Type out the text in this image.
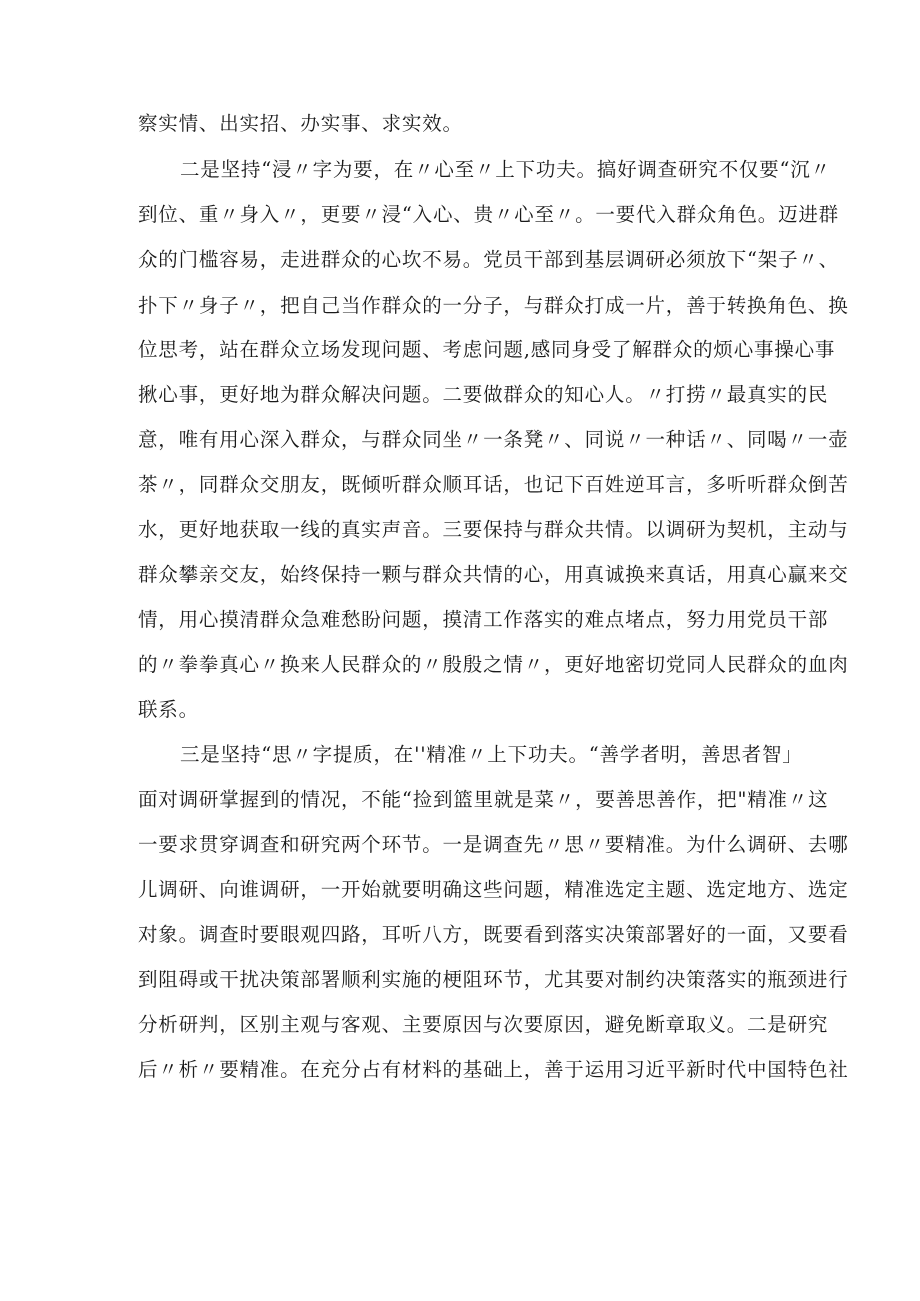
察实情、出实招、办实事、求实效。
二是坚持“浸〃字为要，在〃心至〃上下功夫。搞好调查研究不仅要“沉〃
到位、重〃身入〃，更要〃浸“入心、贵〃心至〃。一要代入群众角色。迈进群
众的门槛容易，走进群众的心坎不易。党员干部到基层调研必须放下“架子〃、
扑下〃身子〃，把自己当作群众的一分子，与群众打成一片，善于转换角色、换
位思考，站在群众立场发现问题、考虑问题,感同身受了解群众的烦心事操心事
揪心事，更好地为群众解决问题。二要做群众的知心人。〃打捞〃最真实的民
意，唯有用心深入群众，与群众同坐〃一条凳〃、同说〃一种话〃、同喝〃一壶
茶〃，同群众交朋友，既倾听群众顺耳话，也记下百姓逆耳言，多听听群众倒苦
水，更好地获取一线的真实声音。三要保持与群众共情。以调研为契机，主动与
群众攀亲交友，始终保持一颗与群众共情的心，用真诚换来真话，用真心赢来交
情，用心摸清群众急难愁盼问题，摸清工作落实的难点堵点，努力用党员干部
的〃拳拳真心〃换来人民群众的〃殷殷之情〃，更好地密切党同人民群众的血肉
联系。
三是坚持“思〃字提质，在''精准〃上下功夫。“善学者明，善思者智」
面对调研掌握到的情况，不能“捡到篮里就是菜〃，要善思善作，把"精准〃这
一要求贯穿调查和研究两个环节。一是调查先〃思〃要精准。为什么调研、去哪
儿调研、向谁调研，一开始就要明确这些问题，精准选定主题、选定地方、选定
对象。调查时要眼观四路，耳听八方，既要看到落实决策部署好的一面，又要看
到阻碍或干扰决策部署顺利实施的梗阻环节，尤其要对制约决策落实的瓶颈进行
分析研判，区别主观与客观、主要原因与次要原因，避免断章取义。二是研究
后〃析〃要精准。在充分占有材料的基础上，善于运用习近平新时代中国特色社
